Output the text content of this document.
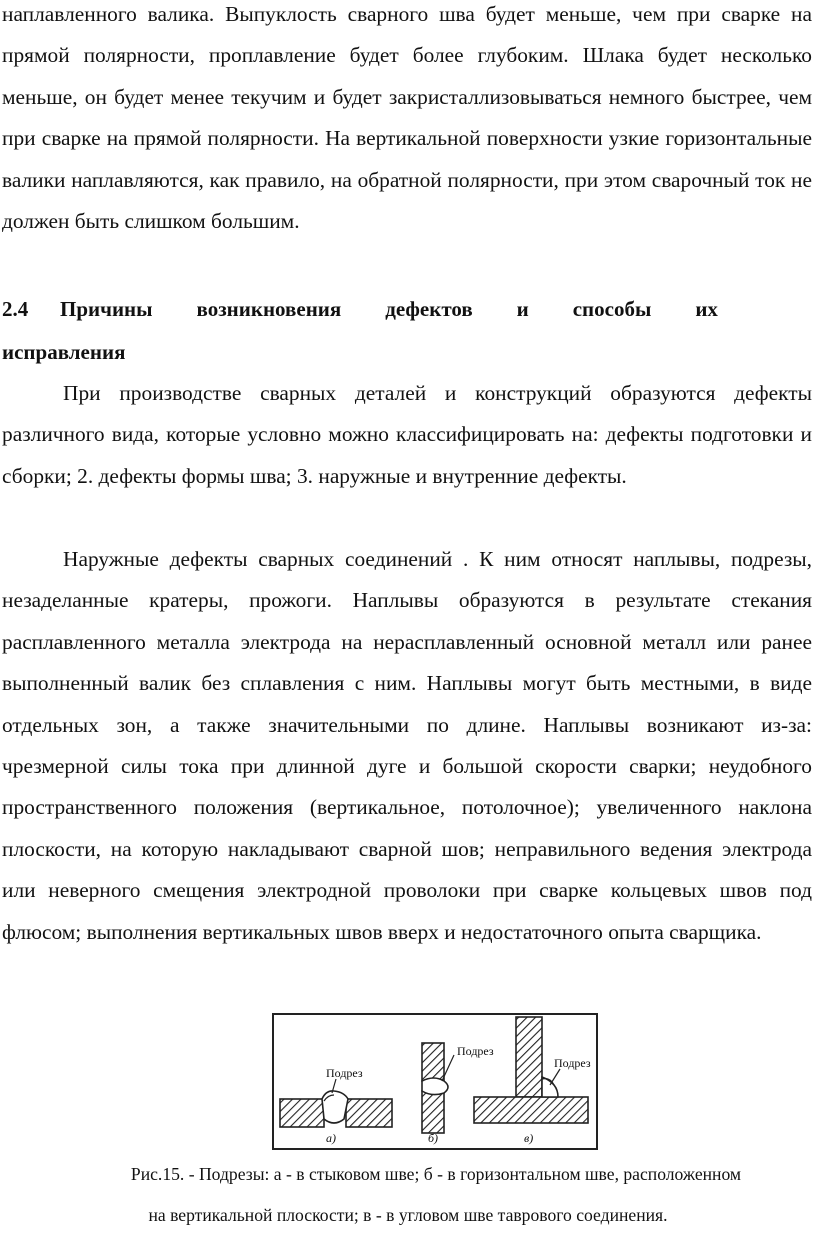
наплавленного валика. Выпуклость сварного шва будет меньше, чем при сварке на прямой полярности, проплавление будет более глубоким. Шлака будет несколько меньше, он будет менее текучим и будет закристаллизовываться немного быстрее, чем при сварке на прямой полярности. На вертикальной поверхности узкие горизонтальные валики наплавляются, как правило, на обратной полярности, при этом сварочный ток не должен быть слишком большим.

2.4	Причины возникновения дефектов и способы их
исправления

При производстве сварных деталей и конструкций образуются дефекты различного вида, которые условно можно классифицировать на: дефекты подготовки и сборки; 2. дефекты формы шва; 3. наружные и внутренние дефекты.

Наружные дефекты сварных соединений . К ним относят наплывы, подрезы, незаделанные кратеры, прожоги. Наплывы образуются в результате стекания расплавленного металла электрода на нерасплавленный основной металл или ранее выполненный валик без сплавления с ним. Наплывы могут быть местными, в виде отдельных зон, а также значительными по длине. Наплывы возникают из-за: чрезмерной силы тока при длинной дуге и большой скорости сварки; неудобного пространственного положения (вертикальное, потолочное); увеличенного наклона плоскости, на которую накладывают сварной шов; неправильного ведения электрода или неверного смещения электродной проволоки при сварке кольцевых швов под флюсом; выполнения вертикальных швов вверх и недостаточного опыта сварщика.

Подрез
а)
Подрез
б)
Подрез
в)

Рис.15. - Подрезы: а - в стыковом шве; б - в горизонтальном шве, расположенном

на вертикальной плоскости; в - в угловом шве таврового соединения.
